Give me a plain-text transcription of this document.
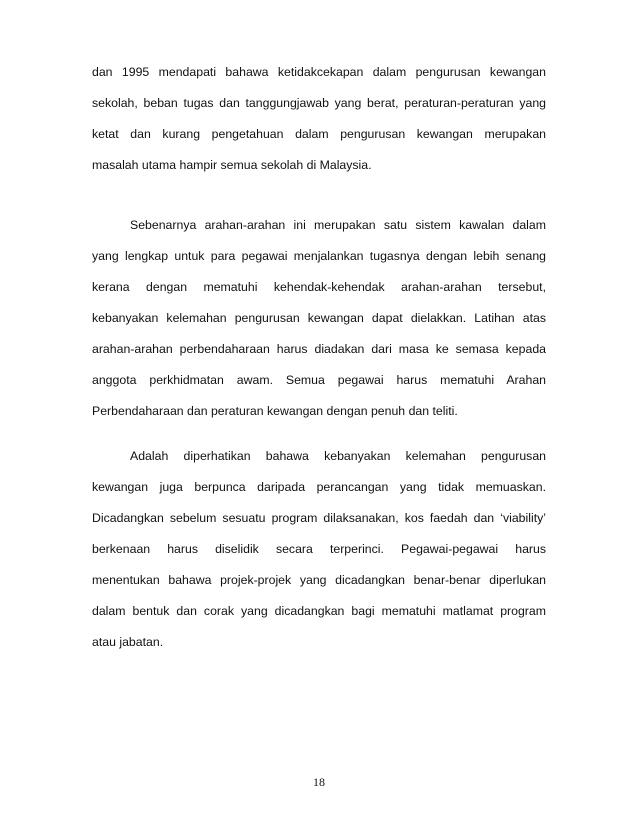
dan 1995 mendapati bahawa ketidakcekapan dalam pengurusan kewangan
sekolah, beban tugas dan tanggungjawab yang berat, peraturan-peraturan yang
ketat dan kurang pengetahuan dalam pengurusan kewangan merupakan
masalah utama hampir semua sekolah di Malaysia.
Sebenarnya arahan-arahan ini merupakan satu sistem kawalan dalam
yang lengkap untuk para pegawai menjalankan tugasnya dengan lebih senang
kerana dengan mematuhi kehendak-kehendak arahan-arahan tersebut,
kebanyakan kelemahan pengurusan kewangan dapat dielakkan. Latihan atas
arahan-arahan perbendaharaan harus diadakan dari masa ke semasa kepada
anggota perkhidmatan awam. Semua pegawai harus mematuhi Arahan
Perbendaharaan dan peraturan kewangan dengan penuh dan teliti.
Adalah diperhatikan bahawa kebanyakan kelemahan pengurusan
kewangan juga berpunca daripada perancangan yang tidak memuaskan.
Dicadangkan sebelum sesuatu program dilaksanakan, kos faedah dan ‘viability’
berkenaan harus diselidik secara terperinci. Pegawai-pegawai harus
menentukan bahawa projek-projek yang dicadangkan benar-benar diperlukan
dalam bentuk dan corak yang dicadangkan bagi mematuhi matlamat program
atau jabatan.
18
